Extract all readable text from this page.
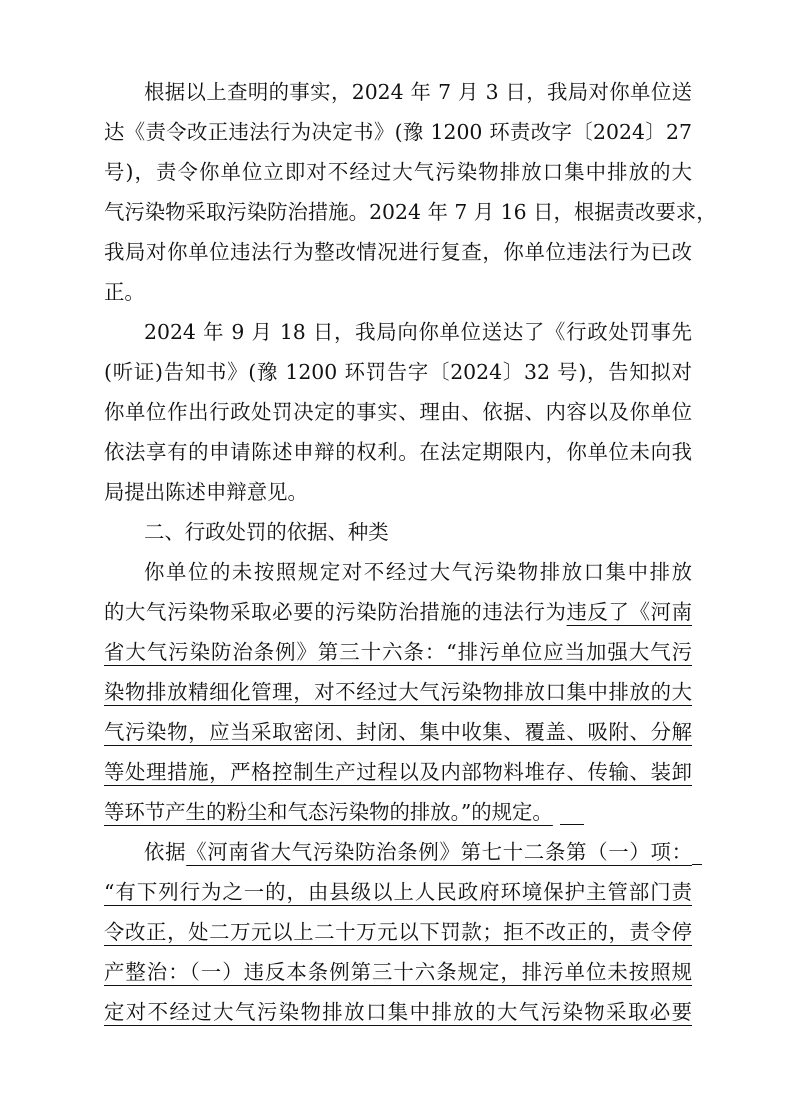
根据以上查明的事实，2024 年 7 月 3 日，我局对你单位送
达《责令改正违法行为决定书》(豫 1200 环责改字〔2024〕27
号)，责令你单位立即对不经过大气污染物排放口集中排放的大
气污染物采取污染防治措施。2024 年 7 月 16 日，根据责改要求，
我局对你单位违法行为整改情况进行复查，你单位违法行为已改
正。
2024 年 9 月 18 日，我局向你单位送达了《行政处罚事先
(听证)告知书》(豫 1200 环罚告字〔2024〕32 号)，告知拟对
你单位作出行政处罚决定的事实、理由、依据、内容以及你单位
依法享有的申请陈述申辩的权利。在法定期限内，你单位未向我
局提出陈述申辩意见。
二、行政处罚的依据、种类
你单位的未按照规定对不经过大气污染物排放口集中排放
的大气污染物采取必要的污染防治措施的违法行为违反了《河南
省大气污染防治条例》第三十六条：“排污单位应当加强大气污
染物排放精细化管理，对不经过大气污染物排放口集中排放的大
气污染物，应当采取密闭、封闭、集中收集、覆盖、吸附、分解
等处理措施，严格控制生产过程以及内部物料堆存、传输、装卸
等环节产生的粉尘和气态污染物的排放。”的规定。
依据《河南省大气污染防治条例》第七十二条第（一）项：
“有下列行为之一的，由县级以上人民政府环境保护主管部门责
令改正，处二万元以上二十万元以下罚款；拒不改正的，责令停
产整治：（一）违反本条例第三十六条规定，排污单位未按照规
定对不经过大气污染物排放口集中排放的大气污染物采取必要
